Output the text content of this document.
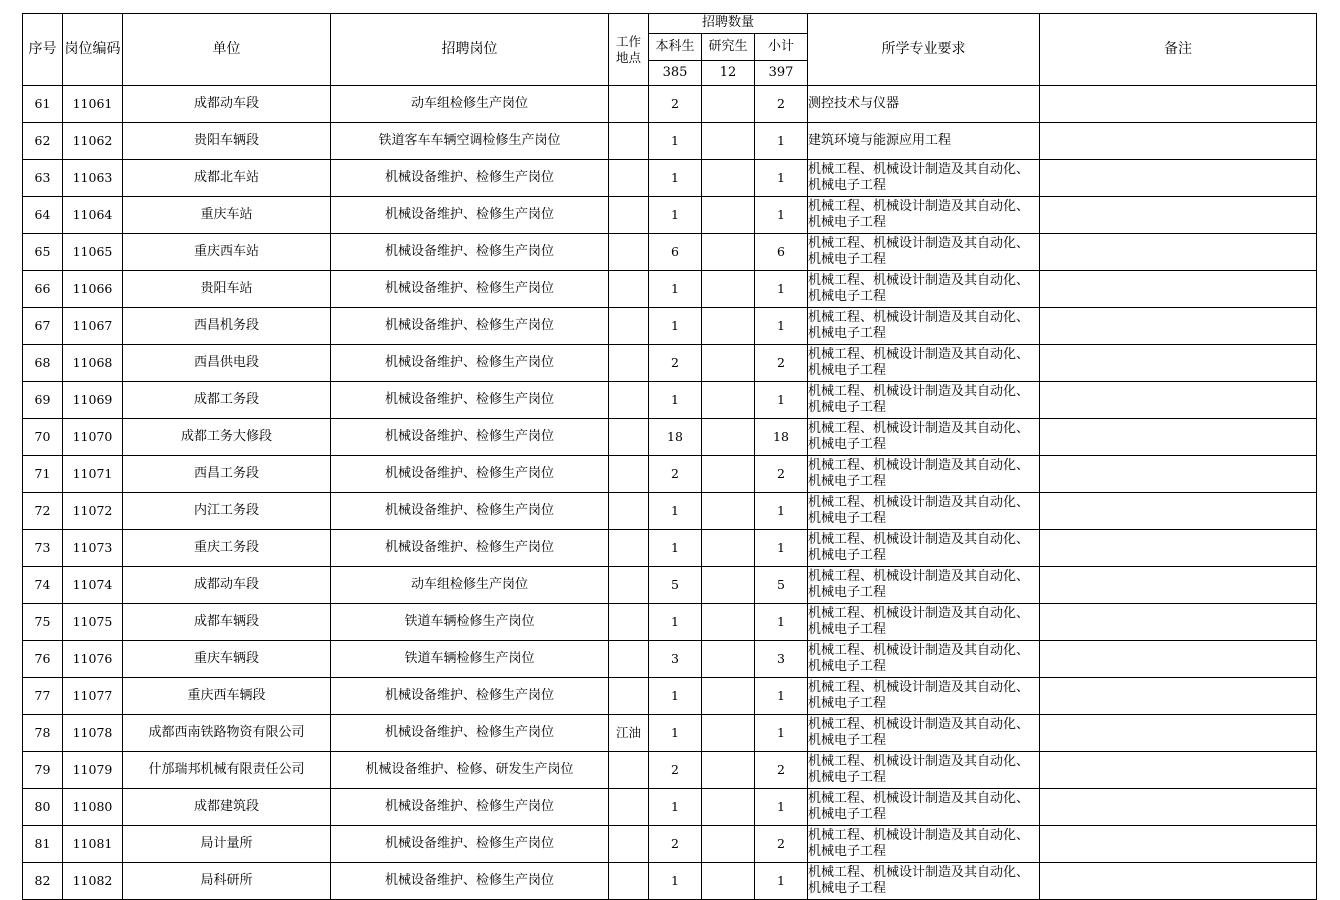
序号	岗位编码	单位	招聘岗位	工作
地点	招聘数量			所学专业要求	备注
					本科生	研究生	小计		
					385	12	397		
61	11061	成都动车段	动车组检修生产岗位		2		2	测控技术与仪器	
62	11062	贵阳车辆段	铁道客车车辆空调检修生产岗位		1		1	建筑环境与能源应用工程	
63	11063	成都北车站	机械设备维护、检修生产岗位		1		1	机械工程、机械设计制造及其自动化、机械电子工程	
64	11064	重庆车站	机械设备维护、检修生产岗位		1		1	机械工程、机械设计制造及其自动化、机械电子工程	
65	11065	重庆西车站	机械设备维护、检修生产岗位		6		6	机械工程、机械设计制造及其自动化、机械电子工程	
66	11066	贵阳车站	机械设备维护、检修生产岗位		1		1	机械工程、机械设计制造及其自动化、机械电子工程	
67	11067	西昌机务段	机械设备维护、检修生产岗位		1		1	机械工程、机械设计制造及其自动化、机械电子工程	
68	11068	西昌供电段	机械设备维护、检修生产岗位		2		2	机械工程、机械设计制造及其自动化、机械电子工程	
69	11069	成都工务段	机械设备维护、检修生产岗位		1		1	机械工程、机械设计制造及其自动化、机械电子工程	
70	11070	成都工务大修段	机械设备维护、检修生产岗位		18		18	机械工程、机械设计制造及其自动化、机械电子工程	
71	11071	西昌工务段	机械设备维护、检修生产岗位		2		2	机械工程、机械设计制造及其自动化、机械电子工程	
72	11072	内江工务段	机械设备维护、检修生产岗位		1		1	机械工程、机械设计制造及其自动化、机械电子工程	
73	11073	重庆工务段	机械设备维护、检修生产岗位		1		1	机械工程、机械设计制造及其自动化、机械电子工程	
74	11074	成都动车段	动车组检修生产岗位		5		5	机械工程、机械设计制造及其自动化、机械电子工程	
75	11075	成都车辆段	铁道车辆检修生产岗位		1		1	机械工程、机械设计制造及其自动化、机械电子工程	
76	11076	重庆车辆段	铁道车辆检修生产岗位		3		3	机械工程、机械设计制造及其自动化、机械电子工程	
77	11077	重庆西车辆段	机械设备维护、检修生产岗位		1		1	机械工程、机械设计制造及其自动化、机械电子工程	
78	11078	成都西南铁路物资有限公司	机械设备维护、检修生产岗位	江油	1		1	机械工程、机械设计制造及其自动化、机械电子工程	
79	11079	什邡瑞邦机械有限责任公司	机械设备维护、检修、研发生产岗位		2		2	机械工程、机械设计制造及其自动化、机械电子工程	
80	11080	成都建筑段	机械设备维护、检修生产岗位		1		1	机械工程、机械设计制造及其自动化、机械电子工程	
81	11081	局计量所	机械设备维护、检修生产岗位		2		2	机械工程、机械设计制造及其自动化、机械电子工程	
82	11082	局科研所	机械设备维护、检修生产岗位		1		1	机械工程、机械设计制造及其自动化、机械电子工程	
